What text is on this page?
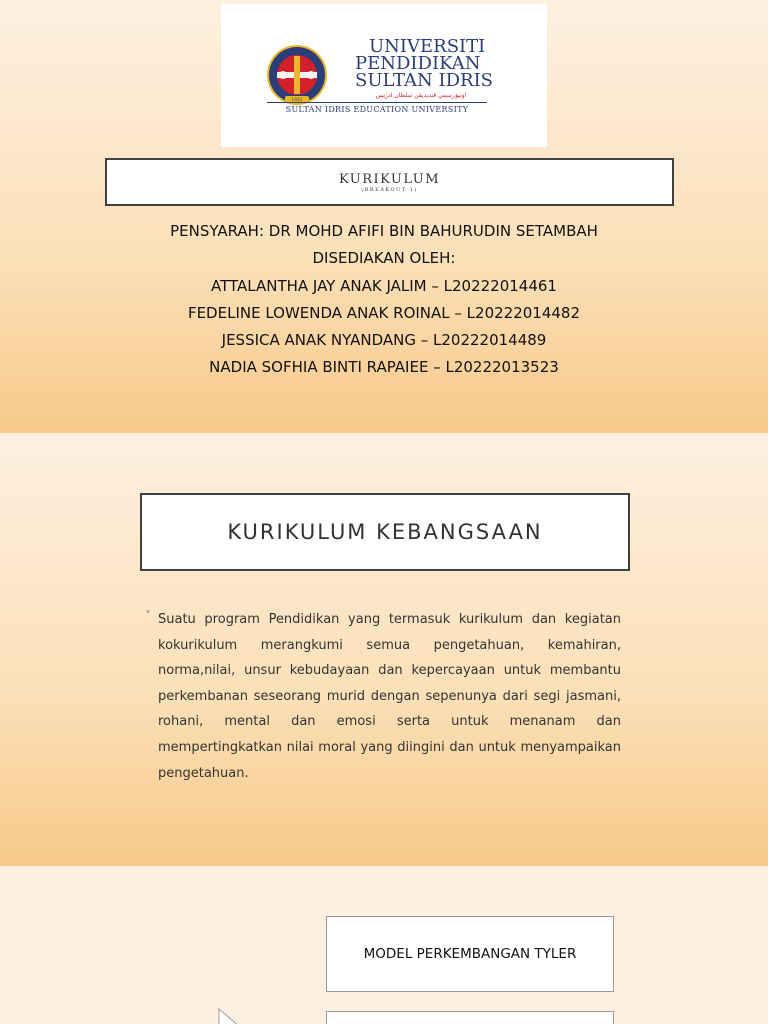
1922
UNIVERSITI
PENDIDIKAN
SULTAN IDRIS
اونيۏرسيتي ڤنديديقن سلطان ادريس
SULTAN IDRIS EDUCATION UNIVERSITY
KURIKULUM
(BREAKOUT 1)
PENSYARAH: DR MOHD AFIFI BIN BAHURUDIN SETAMBAH
DISEDIAKAN OLEH:
ATTALANTHA JAY ANAK JALIM – L20222014461
FEDELINE LOWENDA ANAK ROINAL – L20222014482
JESSICA ANAK NYANDANG – L20222014489
NADIA SOFHIA BINTI RAPAIEE – L20222013523
KURIKULUM KEBANGSAAN
• Suatu program Pendidikan yang termasuk kurikulum dan kegiatan kokurikulum merangkumi semua pengetahuan, kemahiran, norma,nilai, unsur kebudayaan dan kepercayaan untuk membantu perkembanan seseorang murid dengan sepenunya dari segi jasmani, rohani, mental dan emosi serta untuk menanam dan mempertingkatkan nilai moral yang diingini dan untuk menyampaikan pengetahuan.
MODEL PERKEMBANGAN TYLER
